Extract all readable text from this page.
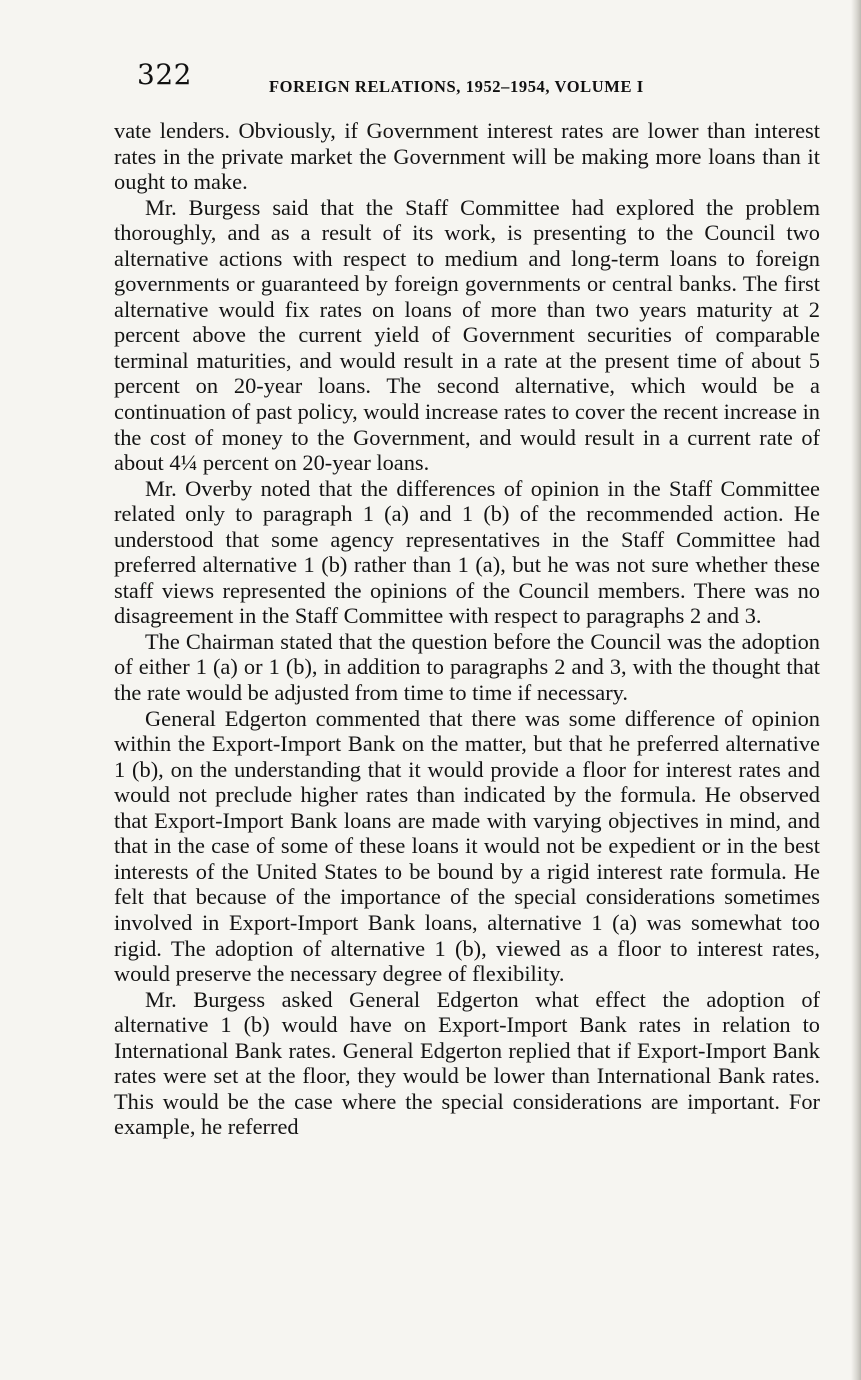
322	FOREIGN RELATIONS, 1952–1954, VOLUME I

vate lenders. Obviously, if Government interest rates are lower than interest rates in the private market the Government will be making more loans than it ought to make.

Mr. Burgess said that the Staff Committee had explored the problem thoroughly, and as a result of its work, is presenting to the Council two alternative actions with respect to medium and long-term loans to foreign governments or guaranteed by foreign governments or central banks. The first alternative would fix rates on loans of more than two years maturity at 2 percent above the current yield of Government securities of comparable terminal maturities, and would result in a rate at the present time of about 5 percent on 20-year loans. The second alternative, which would be a continuation of past policy, would increase rates to cover the recent increase in the cost of money to the Government, and would result in a current rate of about 4¼ percent on 20-year loans.

Mr. Overby noted that the differences of opinion in the Staff Committee related only to paragraph 1 (a) and 1 (b) of the recommended action. He understood that some agency representatives in the Staff Committee had preferred alternative 1 (b) rather than 1 (a), but he was not sure whether these staff views represented the opinions of the Council members. There was no disagreement in the Staff Committee with respect to paragraphs 2 and 3.

The Chairman stated that the question before the Council was the adoption of either 1 (a) or 1 (b), in addition to paragraphs 2 and 3, with the thought that the rate would be adjusted from time to time if necessary.

General Edgerton commented that there was some difference of opinion within the Export-Import Bank on the matter, but that he preferred alternative 1 (b), on the understanding that it would provide a floor for interest rates and would not preclude higher rates than indicated by the formula. He observed that Export-Import Bank loans are made with varying objectives in mind, and that in the case of some of these loans it would not be expedient or in the best interests of the United States to be bound by a rigid interest rate formula. He felt that because of the importance of the special considerations sometimes involved in Export-Import Bank loans, alternative 1 (a) was somewhat too rigid. The adoption of alternative 1 (b), viewed as a floor to interest rates, would preserve the necessary degree of flexibility.

Mr. Burgess asked General Edgerton what effect the adoption of alternative 1 (b) would have on Export-Import Bank rates in relation to International Bank rates. General Edgerton replied that if Export-Import Bank rates were set at the floor, they would be lower than International Bank rates. This would be the case where the special considerations are important. For example, he referred
